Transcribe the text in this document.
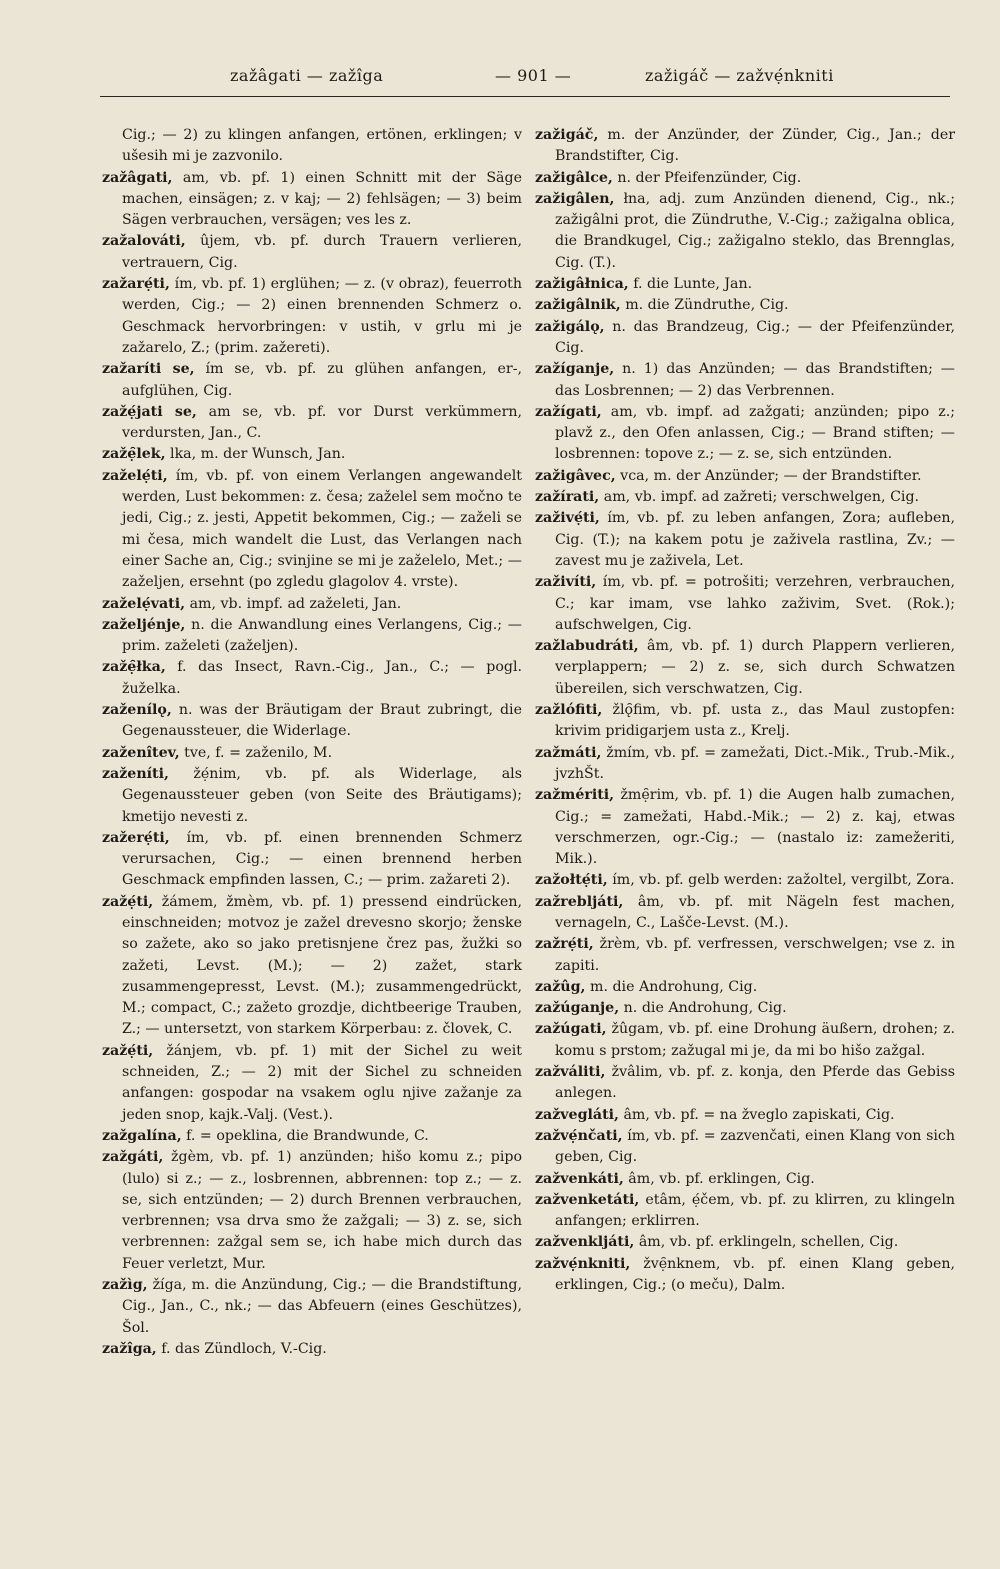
zažâgati — zažîga	— 901 —	zažigáč — zažvẹ́nkniti

Cig.; — 2) zu klingen anfangen, ertönen, erklingen; v ušesih mi je zazvonilo.

zažâgati, am, vb. pf. 1) einen Schnitt mit der Säge machen, einsägen; z. v kaj; — 2) fehlsägen; — 3) beim Sägen verbrauchen, versägen; ves les z.

zažalováti, ûjem, vb. pf. durch Trauern verlieren, vertrauern, Cig.

zažarẹ́ti, ím, vb. pf. 1) erglühen; — z. (v obraz), feuerroth werden, Cig.; — 2) einen brennenden Schmerz o. Geschmack hervorbringen: v ustih, v grlu mi je zažarelo, Z.; (prim. zažereti).

zažaríti se, ím se, vb. pf. zu glühen anfangen, er-, aufglühen, Cig.

zažẹ́jati se, am se, vb. pf. vor Durst verkümmern, verdursten, Jan., C.

zažẹ̑lek, lka, m. der Wunsch, Jan.

zaželẹ́ti, ím, vb. pf. von einem Verlangen angewandelt werden, Lust bekommen: z. česa; zaželel sem močno te jedi, Cig.; z. jesti, Appetit bekommen, Cig.; — zaželi se mi česa, mich wandelt die Lust, das Verlangen nach einer Sache an, Cig.; svinjine se mi je zaželelo, Met.; — zaželjen, ersehnt (po zgledu glagolov 4. vrste).

zaželẹ́vati, am, vb. impf. ad zaželeti, Jan.

zaželjénje, n. die Anwandlung eines Verlangens, Cig.; — prim. zaželeti (zaželjen).

zažẹ̑łka, f. das Insect, Ravn.-Cig., Jan., C.; — pogl. žuželka.

zaženílǫ, n. was der Bräutigam der Braut zubringt, die Gegenaussteuer, die Widerlage.

zaženîtev, tve, f. = zaženilo, M.

zaženíti, žẹ́nim, vb. pf. als Widerlage, als Gegenaussteuer geben (von Seite des Bräutigams); kmetijo nevesti z.

zažerẹ́ti, ím, vb. pf. einen brennenden Schmerz verursachen, Cig.; — einen brennend herben Geschmack empfinden lassen, C.; — prim. zažareti 2).

zažẹ́ti, žámem, žmèm, vb. pf. 1) pressend eindrücken, einschneiden; motvoz je zažel drevesno skorjo; ženske so zažete, ako so jako pretisnjene črez pas, žužki so zažeti, Levst. (M.); — 2) zažet, stark zusammengepresst, Levst. (M.); zusammengedrückt, M.; compact, C.; zažeto grozdje, dichtbeerige Trauben, Z.; — untersetzt, von starkem Körperbau: z. človek, C.

zažẹ́ti, žánjem, vb. pf. 1) mit der Sichel zu weit schneiden, Z.; — 2) mit der Sichel zu schneiden anfangen: gospodar na vsakem oglu njive zažanje za jeden snop, kajk.-Valj. (Vest.).

zažgalína, f. = opeklina, die Brandwunde, C.

zažgáti, žgèm, vb. pf. 1) anzünden; hišo komu z.; pipo (lulo) si z.; — z., losbrennen, abbrennen: top z.; — z. se, sich entzünden; — 2) durch Brennen verbrauchen, verbrennen; vsa drva smo že zažgali; — 3) z. se, sich verbrennen: zažgal sem se, ich habe mich durch das Feuer verletzt, Mur.

zažìg, žíga, m. die Anzündung, Cig.; — die Brandstiftung, Cig., Jan., C., nk.; — das Abfeuern (eines Geschützes), Šol.

zažîga, f. das Zündloch, V.-Cig.

zažigáč, m. der Anzünder, der Zünder, Cig., Jan.; der Brandstifter, Cig.

zažigâlce, n. der Pfeifenzünder, Cig.

zažigâlen, łna, adj. zum Anzünden dienend, Cig., nk.; zažigâlni prot, die Zündruthe, V.-Cig.; zažigalna oblica, die Brandkugel, Cig.; zažigalno steklo, das Brennglas, Cig. (T.).

zažigâłnica, f. die Lunte, Jan.

zažigâlnik, m. die Zündruthe, Cig.

zažigálǫ, n. das Brandzeug, Cig.; — der Pfeifenzünder, Cig.

zažíganje, n. 1) das Anzünden; — das Brandstiften; — das Losbrennen; — 2) das Verbrennen.

zažígati, am, vb. impf. ad zažgati; anzünden; pipo z.; plavž z., den Ofen anlassen, Cig.; — Brand stiften; — losbrennen: topove z.; — z. se, sich entzünden.

zažigâvec, vca, m. der Anzünder; — der Brandstifter.

zažírati, am, vb. impf. ad zažreti; verschwelgen, Cig.

zaživẹ́ti, ím, vb. pf. zu leben anfangen, Zora; aufleben, Cig. (T.); na kakem potu je zaživela rastlina, Zv.; — zavest mu je zaživela, Let.

zaživíti, ím, vb. pf. = potrošiti; verzehren, verbrauchen, C.; kar imam, vse lahko zaživim, Svet. (Rok.); aufschwelgen, Cig.

zažlabudráti, âm, vb. pf. 1) durch Plappern verlieren, verplappern; — 2) z. se, sich durch Schwatzen übereilen, sich verschwatzen, Cig.

zažlófiti, žlǫ̑fim, vb. pf. usta z., das Maul zustopfen: krivim pridigarjem usta z., Krelj.

zažmáti, žmím, vb. pf. = zamežati, Dict.-Mik., Trub.-Mik., jvzhŠt.

zažmériti, žmẹ̑rim, vb. pf. 1) die Augen halb zumachen, Cig.; = zamežati, Habd.-Mik.; — 2) z. kaj, etwas verschmerzen, ogr.-Cig.; — (nastalo iz: zamežeriti, Mik.).

zažołtẹ́ti, ím, vb. pf. gelb werden: zažoltel, vergilbt, Zora.

zažrebljáti, âm, vb. pf. mit Nägeln fest machen, vernageln, C., Lašče-Levst. (M.).

zažrẹ́ti, žrèm, vb. pf. verfressen, verschwelgen; vse z. in zapiti.

zažûg, m. die Androhung, Cig.

zažúganje, n. die Androhung, Cig.

zažúgati, žûgam, vb. pf. eine Drohung äußern, drohen; z. komu s prstom; zažugal mi je, da mi bo hišo zažgal.

zažváliti, žvâlim, vb. pf. z. konja, den Pferde das Gebiss anlegen.

zažvegláti, âm, vb. pf. = na žveglo zapiskati, Cig.

zažvẹ́nčati, ím, vb. pf. = zazvenčati, einen Klang von sich geben, Cig.

zažvenkáti, âm, vb. pf. erklingen, Cig.

zažvenketáti, etâm, ẹ́čem, vb. pf. zu klirren, zu klingeln anfangen; erklirren.

zažvenkljáti, âm, vb. pf. erklingeln, schellen, Cig.

zažvẹ́nkniti, žvẹ̑nknem, vb. pf. einen Klang geben, erklingen, Cig.; (o meču), Dalm.
